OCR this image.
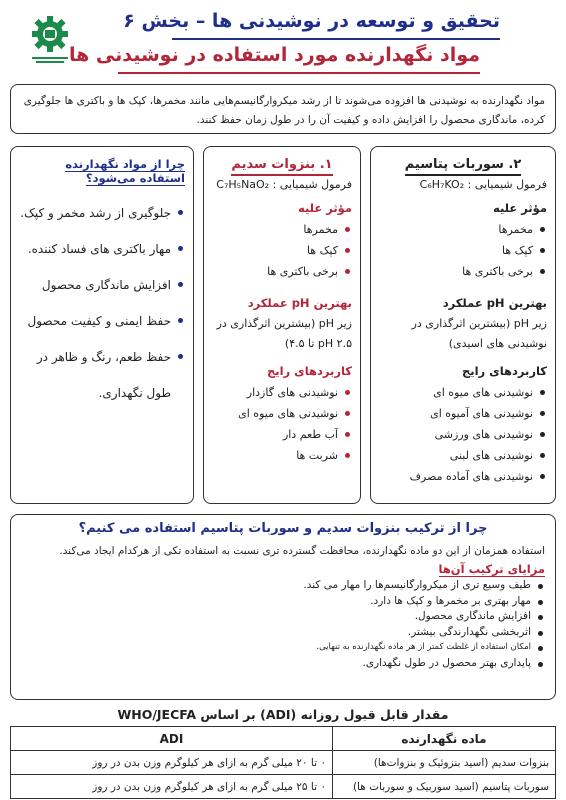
تحقیق و توسعه در نوشیدنی ها – بخش ۶
مواد نگهدارنده مورد استفاده در نوشیدنی ها
مواد نگهدارنده به نوشیدنی ها افزوده می‌شوند تا از رشد میکروارگانیسم‌هایی مانند مخمرها، کپک ها و باکتری ها جلوگیری کرده، ماندگاری محصول را افزایش داده و کیفیت آن را در طول زمان حفظ کنند.
۲. سوربات پتاسیم
فرمول شیمیایی : C₆H₇KO₂
مؤثر علیه
مخمرها
کپک ها
برخی باکتری ها
بهترین pH عملکرد
زیر pH (بیشترین اثرگذاری در نوشیدنی های اسیدی)
کاربردهای رایج
نوشیدنی های میوه ای
نوشیدنی های آمیوه ای
نوشیدنی های ورزشی
نوشیدنی های لبنی
نوشیدنی های آماده مصرف
۱. بنزوات سدیم
فرمول شیمیایی : C₇H₅NaO₂
مؤثر علیه
مخمرها
کپک ها
برخی باکتری ها
بهترین pH عملکرد
زیر pH (بیشترین اثرگذاری در pH ۲.۵ تا ۴.۵)
کاربردهای رایج
نوشیدنی های گازدار
نوشیدنی های میوه ای
آب طعم دار
شربت ها
چرا از مواد نگهدارنده استفاده می‌شود؟
جلوگیری از رشد مخمر و کپک.
مهار باکتری های فساد کننده.
افزایش ماندگاری محصول
حفظ ایمنی و کیفیت محصول
حفظ طعم، رنگ و ظاهر در طول نگهداری.
چرا از ترکیب بنزوات سدیم و سوربات پتاسیم استفاده می کنیم؟
استفاده همزمان از این دو ماده نگهدارنده، محافظت گسترده تری نسبت به استفاده تکی از هرکدام ایجاد می‌کند.
مزایای ترکیب آن‌ها
طیف وسیع تری از میکروارگانیسم‌ها را مهار می کند.
مهار بهتری بر مخمرها و کپک ها دارد.
افزایش ماندگاری محصول.
اثربخشی نگهدارندگی بیشتر.
امکان استفاده از غلظت کمتر از هر ماده نگهدارنده به تنهایی.
پایداری بهتر محصول در طول نگهداری.
مقدار قابل قبول روزانه (ADI) بر اساس WHO/JECFA
ماده نگهدارنده	ADI
بنزوات سدیم (اسید بنزوئیک و بنزوات‌ها)	۰ تا ۲۰ میلی گرم به ازای هر کیلوگرم وزن بدن در روز
سوربات پتاسیم (اسید سوربیک و سوربات ها)	۰ تا ۲۵ میلی گرم به ازای هر کیلوگرم وزن بدن در روز
